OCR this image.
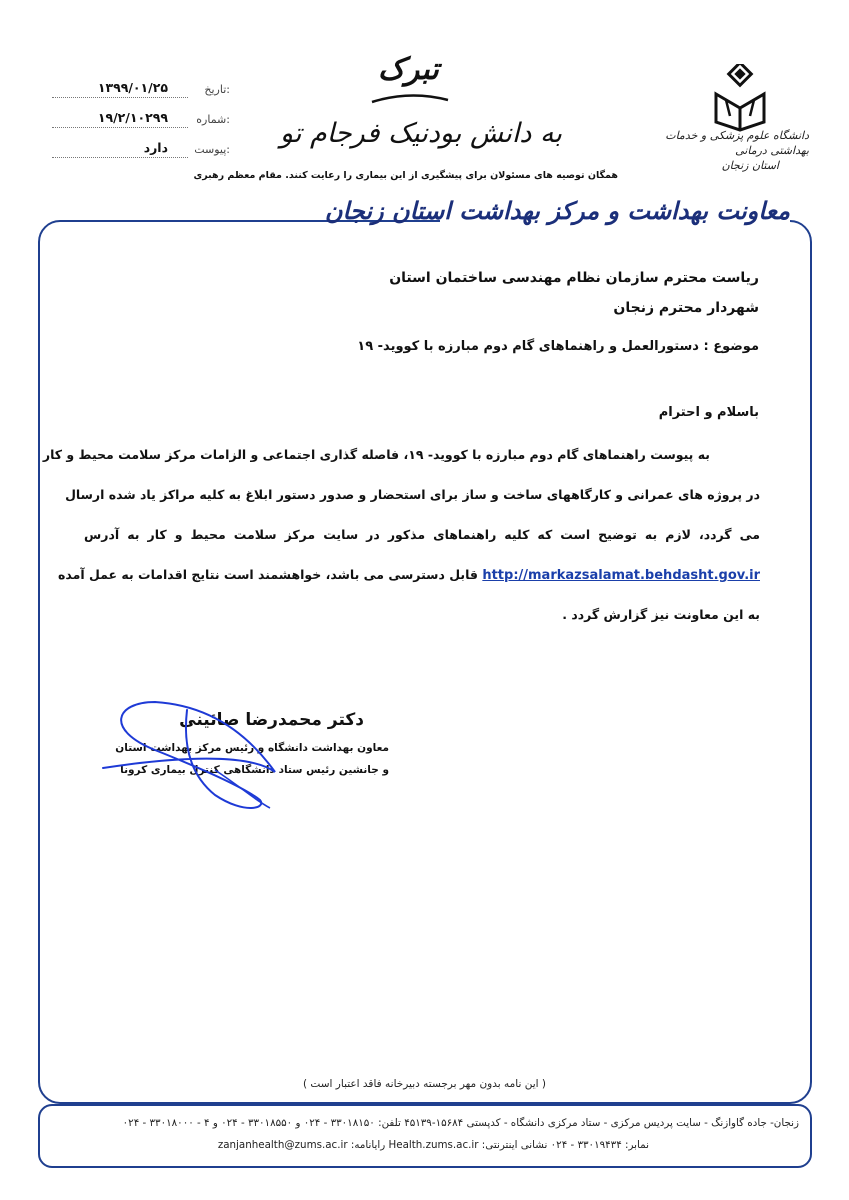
۱۳۹۹/۰۱/۲۵	تاریخ:
۱۹/۲/۱۰۲۹۹	شماره:
دارد پیوست:
تبرک
به دانش بودنیک فرجام تو
همگان توصیه های مسئولان برای پیشگیری از این بیماری را رعایت کنند. مقام معظم رهبری
دانشگاه علوم پزشکی و خدمات بهداشتی درمانی
استان زنجان
معاونت بهداشت و مرکز بهداشت استان زنجان
ریاست محترم سازمان نظام مهندسی ساختمان استان
شهردار محترم زنجان
موضوع : دستورالعمل و راهنماهای گام دوم مبارزه با کووید- ۱۹
باسلام و احترام
به پیوست راهنماهای گام دوم مبارزه با کووید- ۱۹، فاصله گذاری اجتماعی و الزامات مرکز سلامت محیط و کار
در پروژه های عمرانی و کارگاههای ساخت و ساز برای استحضار و صدور دستور ابلاغ به کلیه مراکز یاد شده ارسال
می گردد، لازم به توضیح است که کلیه راهنماهای مذکور در سایت مرکز سلامت محیط و کار به آدرس
http://markazsalamat.behdasht.gov.ir قابل دسترسی می باشد، خواهشمند است نتایج اقدامات به عمل آمده
به این معاونت نیز گزارش گردد .
دکتر محمدرضا صائینی
معاون بهداشت دانشگاه و رئیس مرکز بهداشت استان
و جانشین رئیس ستاد دانشگاهی کنترل بیماری کرونا
( این نامه بدون مهر برجسته دبیرخانه فاقد اعتبار است )
زنجان- جاده گاوازنگ - سایت پردیس مرکزی - ستاد مرکزی دانشگاه - کدپستی ۱۵۶۸۴-۴۵۱۳۹ تلفن: ۳۳۰۱۸۱۵۰ - ۰۲۴ و ۳۳۰۱۸۵۵۰ - ۰۲۴ و ۴ - ۳۳۰۱۸۰۰۰ - ۰۲۴
نمابر: ۳۳۰۱۹۴۳۴ - ۰۲۴ نشانی اینترنتی: Health.zums.ac.ir رایانامه: zanjanhealth@zums.ac.ir
